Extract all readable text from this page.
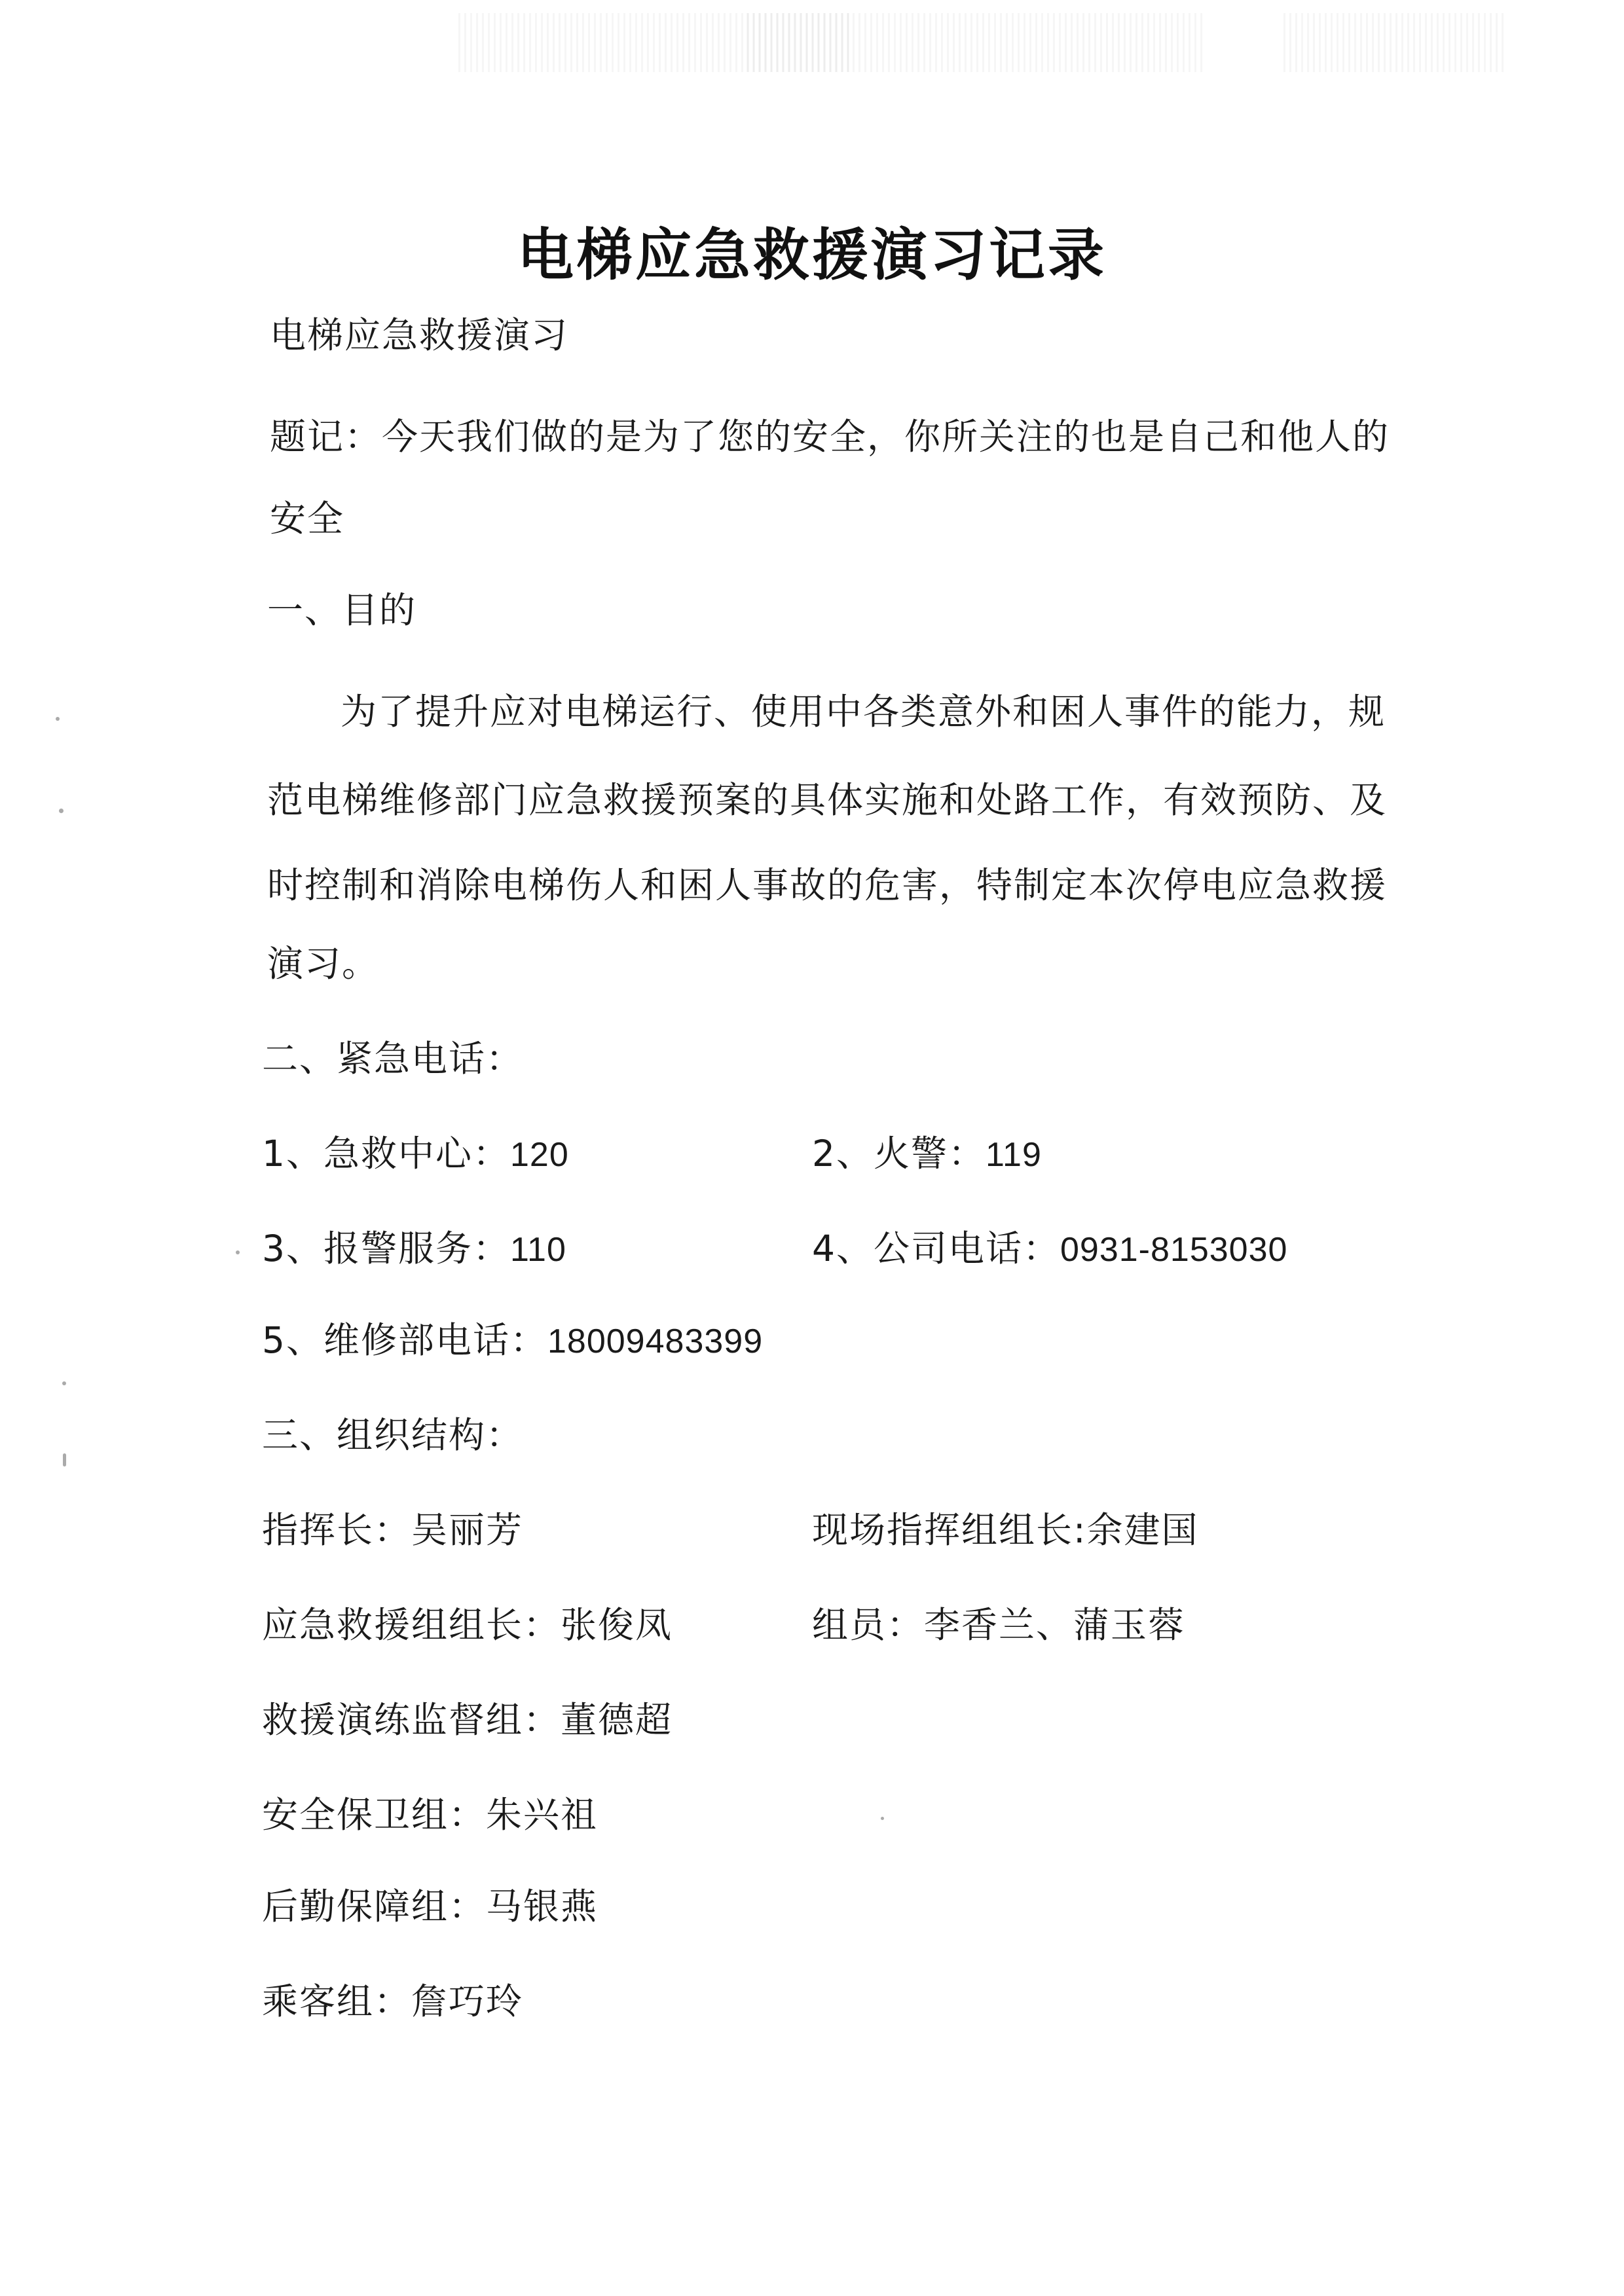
电梯应急救援演习记录
电梯应急救援演习
题记：今天我们做的是为了您的安全，你所关注的也是自己和他人的
安全
一、目的
为了提升应对电梯运行、使用中各类意外和困人事件的能力，规
范电梯维修部门应急救援预案的具体实施和处路工作，有效预防、及
时控制和消除电梯伤人和困人事故的危害，特制定本次停电应急救援
演习。
二、紧急电话：
1、急救中心：120	2、火警：119
3、报警服务：110	4、公司电话：0931-8153030
5、维修部电话：18009483399
三、组织结构：
指挥长：吴丽芳	现场指挥组组长:余建国
应急救援组组长：张俊凤	组员：李香兰、蒲玉蓉
救援演练监督组：董德超
安全保卫组：朱兴祖
后勤保障组：马银燕
乘客组：詹巧玲
